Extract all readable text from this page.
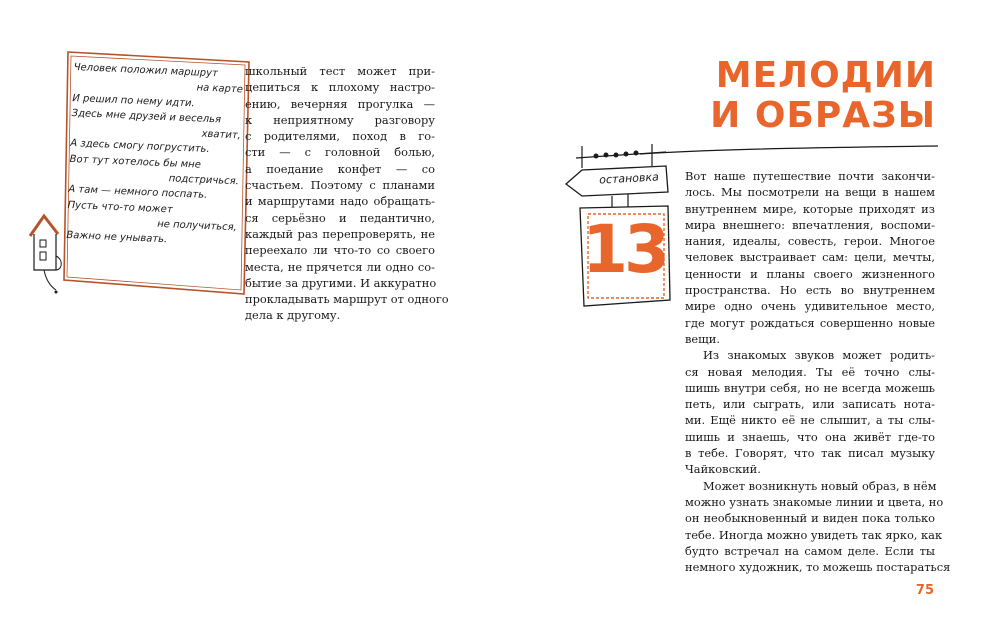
Человек положил маршрут
на карте
И решил по нему идти.
Здесь мне друзей и веселья
хватит,
А здесь смогу погрустить.
Вот тут хотелось бы мне
подстричься.
А там — немного поспать.
Пусть что-то может
не получиться,
Важно не унывать.
школьный тест может при-
цепиться к плохому настро-
ению, вечерняя прогулка —
к неприятному разговору
с родителями, поход в го-
сти — с головной болью,
а поедание конфет — со
счастьем. Поэтому с планами
и маршрутами надо обращать-
ся серьёзно и педантично,
каждый раз перепроверять, не
переехало ли что-то со своего
места, не прячется ли одно со-
бытие за другими. И аккуратно
прокладывать маршрут от одного
дела к другому.
МЕЛОДИИ
И ОБРАЗЫ
остановка
13
Вот наше путешествие почти закончи-
лось. Мы посмотрели на вещи в нашем
внутреннем мире, которые приходят из
мира внешнего: впечатления, воспоми-
нания, идеалы, совесть, герои. Многое
человек выстраивает сам: цели, мечты,
ценности и планы своего жизненного
пространства. Но есть во внутреннем
мире одно очень удивительное место,
где могут рождаться совершенно новые
вещи.
Из знакомых звуков может родить-
ся новая мелодия. Ты её точно слы-
шишь внутри себя, но не всегда можешь
петь, или сыграть, или записать нота-
ми. Ещё никто её не слышит, а ты слы-
шишь и знаешь, что она живёт где-то
в тебе. Говорят, что так писал музыку
Чайковский.
Может возникнуть новый образ, в нём
можно узнать знакомые линии и цвета, но
он необыкновенный и виден пока только
тебе. Иногда можно увидеть так ярко, как
будто встречал на самом деле. Если ты
немного художник, то можешь постараться
75
